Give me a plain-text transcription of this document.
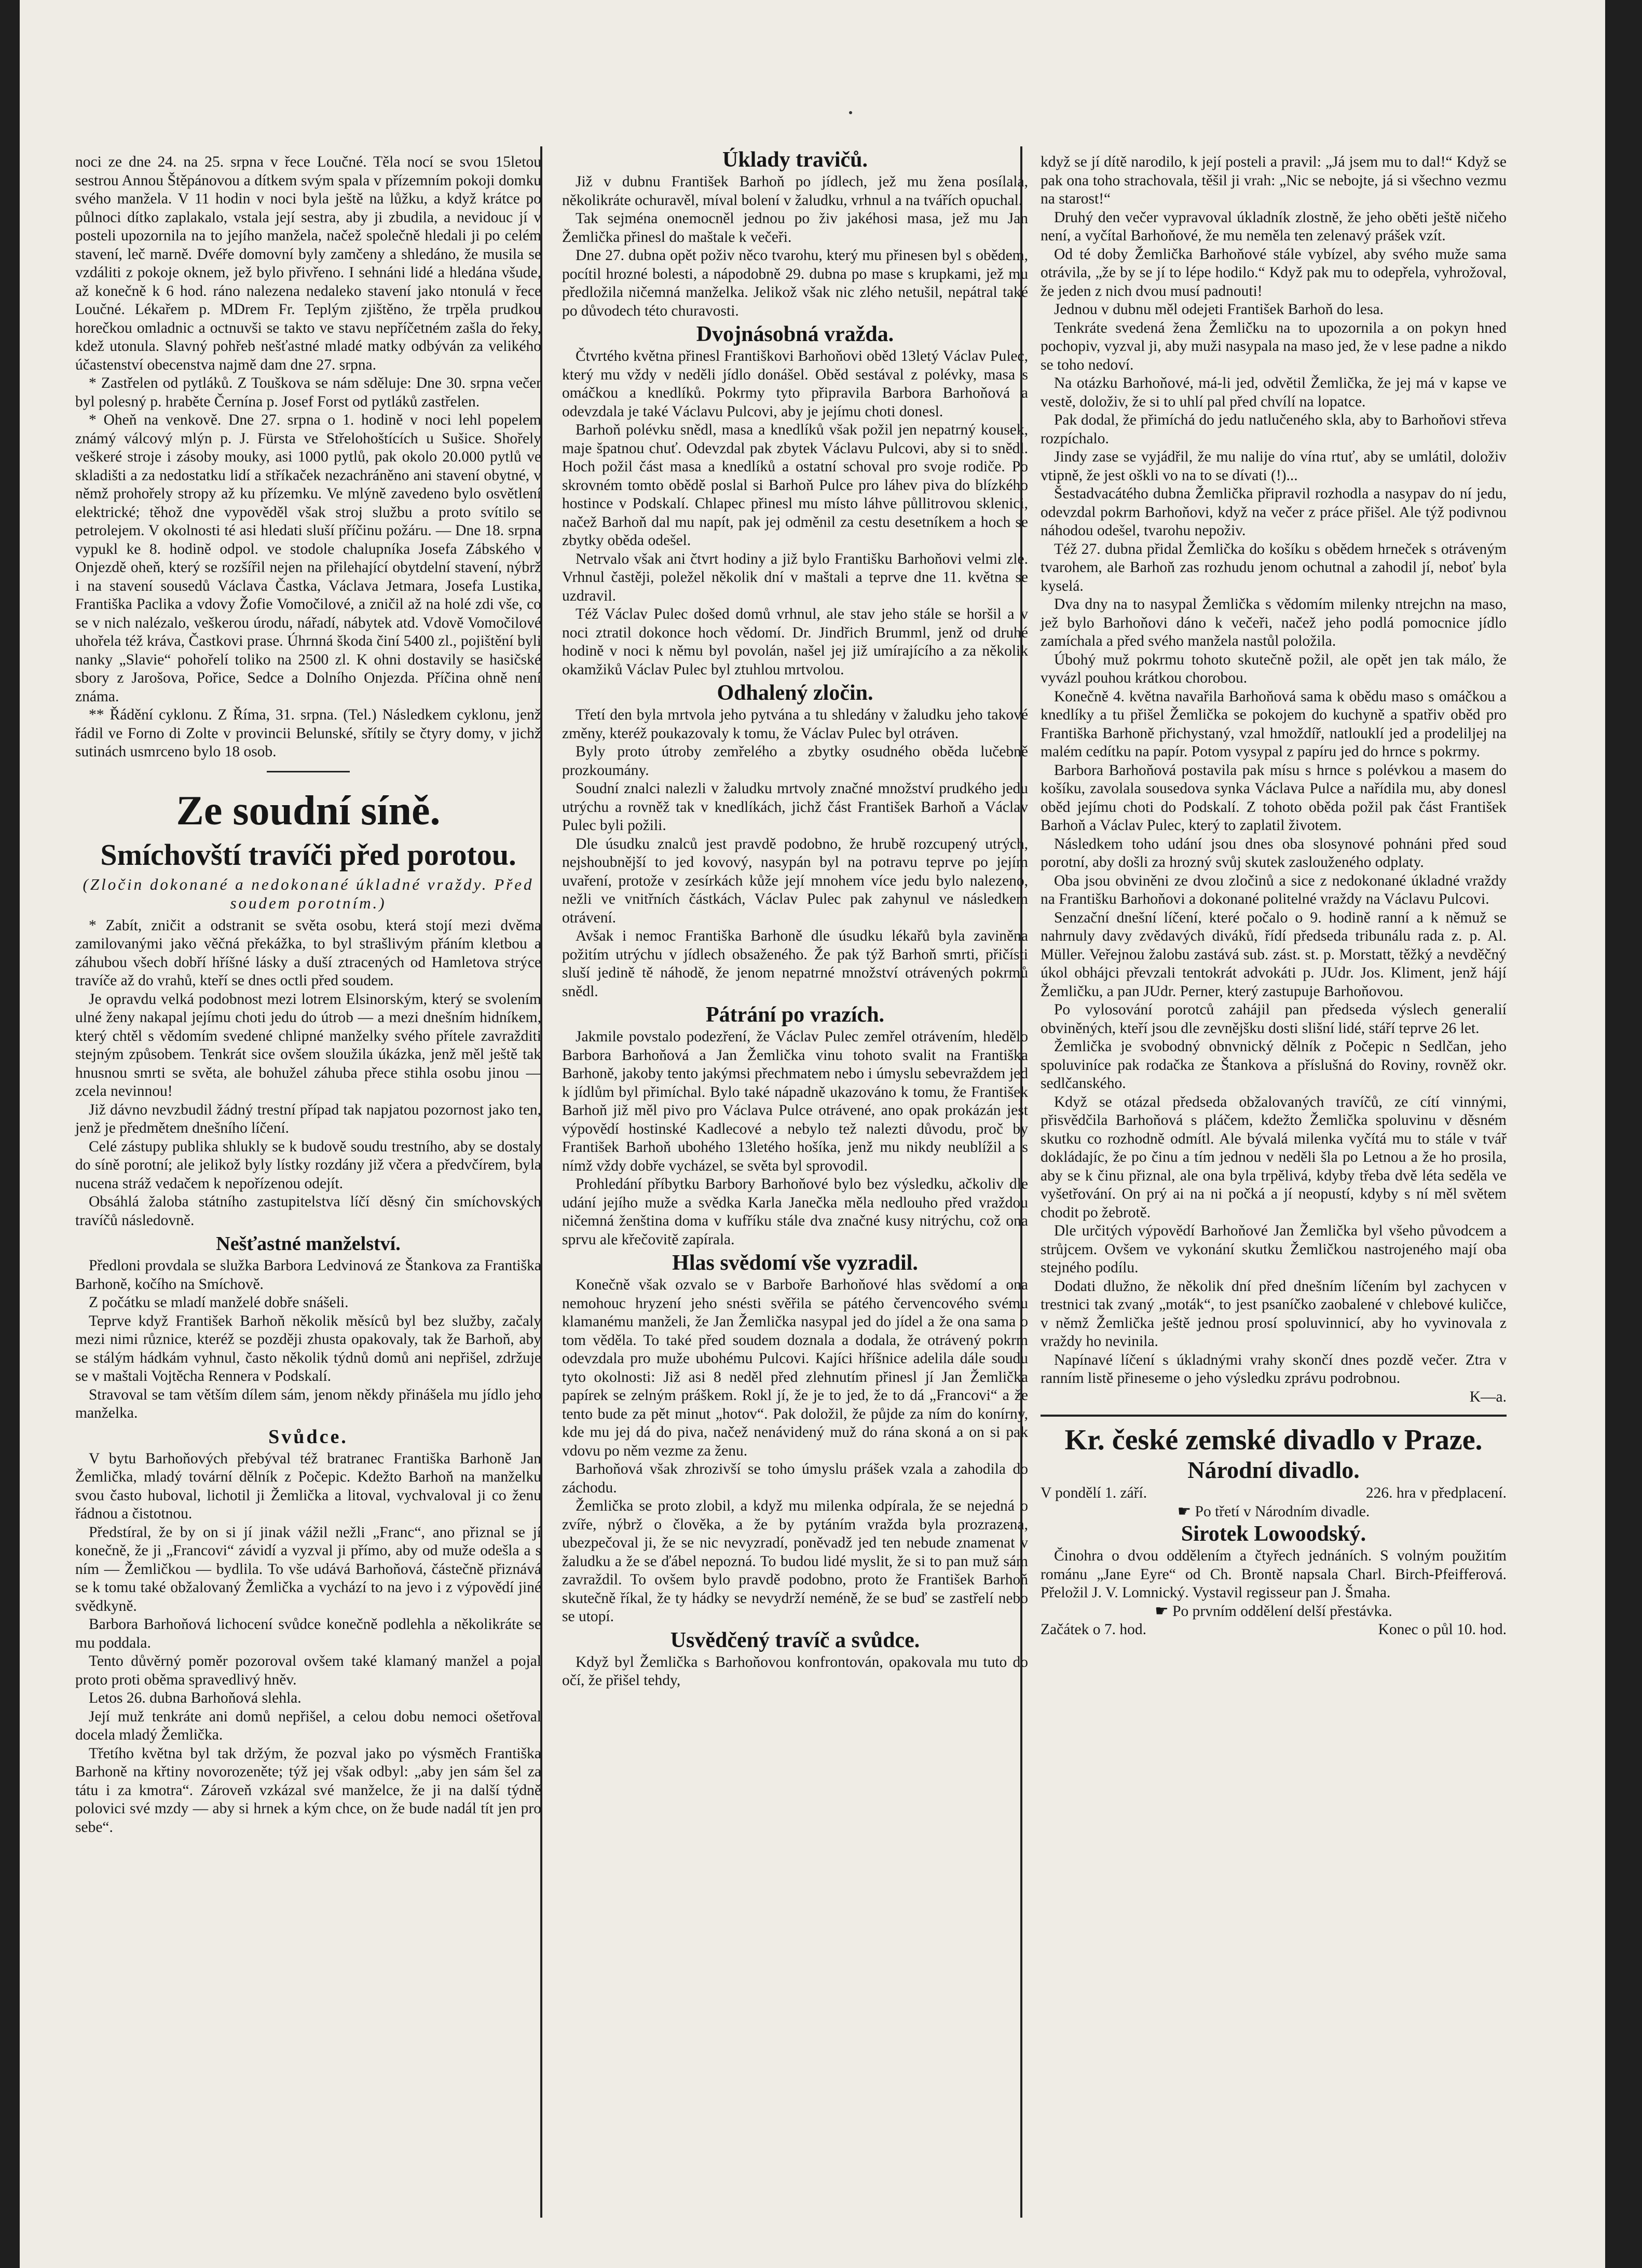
noci ze dne 24. na 25. srpna v řece Loučné. Těla nocí se svou 15letou sestrou Annou Štěpánovou a dítkem svým spala v přízemním pokoji domku svého manžela. V 11 hodin v noci byla ještě na lůžku, a když krátce po půlnoci dítko zaplakalo, vstala její sestra, aby ji zbudila, a nevidouc jí v posteli upozornila na to jejího manžela, načež společně hledali ji po celém stavení, leč marně. Dvéře domovní byly zamčeny a shledáno, že musila se vzdáliti z pokoje oknem, jež bylo přivřeno. I sehnáni lidé a hledána všude, až konečně k 6 hod. ráno nalezena nedaleko stavení jako ntonulá v řece Loučné. Lékařem p. MDrem Fr. Teplým zjištěno, že trpěla prudkou horečkou omladnic a octnuvši se takto ve stavu nepříčetném zašla do řeky, kdež utonula. Slavný pohřeb nešťastné mladé matky odbýván za velikého účastenství obecenstva najmě dam dne 27. srpna.

* Zastřelen od pytláků. Z Touškova se nám sděluje: Dne 30. srpna večer byl polesný p. hraběte Černína p. Josef Forst od pytláků zastřelen.

* Oheň na venkově. Dne 27. srpna o 1. hodině v noci lehl popelem známý válcový mlýn p. J. Fürsta ve Střelohoštících u Sušice. Shořely veškeré stroje i zásoby mouky, asi 1000 pytlů, pak okolo 20.000 pytlů ve skladišti a za nedostatku lidí a stříkaček nezachráněno ani stavení obytné, v němž prohořely stropy až ku přízemku. Ve mlýně zavedeno bylo osvětlení elektrické; těhož dne vypověděl však stroj službu a proto svítilo se petrolejem. V okolnosti té asi hledati sluší příčinu požáru. — Dne 18. srpna vypukl ke 8. hodině odpol. ve stodole chalupníka Josefa Zábského v Onjezdě oheň, který se rozšířil nejen na přilehající obytdelní stavení, nýbrž i na stavení sousedů Václava Častka, Václava Jetmara, Josefa Lustika, Františka Paclika a vdovy Žofie Vomočilové, a zničil až na holé zdi vše, co se v nich nalézalo, veškerou úrodu, nářadí, nábytek atd. Vdově Vomočilové uhořela též kráva, Častkovi prase. Úhrnná škoda činí 5400 zl., pojištění byli nanky „Slavie“ pohořelí toliko na 2500 zl. K ohni dostavily se hasičské sbory z Jarošova, Pořice, Sedce a Dolního Onjezda. Příčina ohně není známa.

** Řádění cyklonu. Z Říma, 31. srpna. (Tel.) Následkem cyklonu, jenž řádil ve Forno di Zolte v provincii Belunské, sřítily se čtyry domy, v jichž sutinách usmrceno bylo 18 osob.

Ze soudní síně.
Smíchovští travíči před porotou.
(Zločin dokonané a nedokonané úkladné vraždy. Před soudem porotním.)

* Zabít, zničit a odstranit se světa osobu, která stojí mezi dvěma zamilovanými jako věčná překážka, to byl strašlivým přáním kletbou a záhubou všech dobří hříšné lásky a duší ztracených od Hamletova strýce travíče až do vrahů, kteří se dnes octli před soudem.

Je opravdu velká podobnost mezi lotrem Elsinorským, který se svolením ulné ženy nakapal jejímu choti jedu do útrob — a mezi dnešním hidníkem, který chtěl s vědomím svedené chlipné manželky svého přítele zavražditi stejným způsobem. Tenkrát sice ovšem sloužila úkázka, jenž měl ještě tak hnusnou smrti se světa, ale bohužel záhuba přece stihla osobu jinou — zcela nevinnou!

Již dávno nevzbudil žádný trestní případ tak napjatou pozornost jako ten, jenž je předmětem dnešního líčení.

Celé zástupy publika shlukly se k budově soudu trestního, aby se dostaly do síně porotní; ale jelikož byly lístky rozdány již včera a předvčírem, byla nucena stráž vedačem k nepořízenou odejít.

Obsáhlá žaloba státního zastupitelstva líčí děsný čin smíchovských travíčů následovně.

Nešťastné manželství.

Předloni provdala se služka Barbora Ledvinová ze Štankova za Františka Barhoně, kočího na Smíchově.

Z počátku se mladí manželé dobře snášeli.

Teprve když František Barhoň několik měsíců byl bez služby, začaly mezi nimi různice, kteréž se později zhusta opakovaly, tak že Barhoň, aby se stálým hádkám vyhnul, často několik týdnů domů ani nepřišel, zdržuje se v maštali Vojtěcha Rennera v Podskalí.

Stravoval se tam větším dílem sám, jenom někdy přinášela mu jídlo jeho manželka.

Svůdce.

V bytu Barhoňových přebýval též bratranec Františka Barhoně Jan Žemlička, mladý tovární dělník z Počepic. Kdežto Barhoň na manželku svou často huboval, lichotil ji Žemlička a litoval, vychvaloval ji co ženu řádnou a čistotnou.

Předstíral, že by on si jí jinak vážil nežli „Franc“, ano přiznal se jí konečně, že ji „Francovi“ závidí a vyzval ji přímo, aby od muže odešla a s ním — Žemličkou — bydlila. To vše udává Barhoňová, částečně přiznává se k tomu také obžalovaný Žemlička a vychází to na jevo i z výpovědí jiné svědkyně.

Barbora Barhoňová lichocení svůdce konečně podlehla a několikráte se mu poddala.

Tento důvěrný poměr pozoroval ovšem také klamaný manžel a pojal proto proti oběma spravedlivý hněv.

Letos 26. dubna Barhoňová slehla.

Její muž tenkráte ani domů nepřišel, a celou dobu nemoci ošetřoval docela mladý Žemlička.

Třetího května byl tak držým, že pozval jako po výsměch Františka Barhoně na křtiny novorozeněte; týž jej však odbyl: „aby jen sám šel za tátu i za kmotra“. Zároveň vzkázal své manželce, že ji na další týdně polovici své mzdy — aby si hrnek a kým chce, on že bude nadál tít jen pro sebe“.

Úklady travičů.

Již v dubnu František Barhoň po jídlech, jež mu žena posílala, několikráte ochuravěl, míval bolení v žaludku, vrhnul a na tvářích opuchal.

Tak sejména onemocněl jednou po živ jakéhosi masa, jež mu Jan Žemlička přinesl do maštale k večeři.

Dne 27. dubna opět poživ něco tvarohu, který mu přinesen byl s obědem, pocítil hrozné bolesti, a nápodobně 29. dubna po mase s krupkami, jež mu předložila ničemná manželka. Jelikož však nic zlého netušil, nepátral také po důvodech této churavosti.

Dvojnásobná vražda.

Čtvrtého května přinesl Františkovi Barhoňovi oběd 13letý Václav Pulec, který mu vždy v neděli jídlo donášel. Oběd sestával z polévky, masa s omáčkou a knedlíků. Pokrmy tyto připravila Barbora Barhoňová a odevzdala je také Václavu Pulcovi, aby je jejímu choti donesl.

Barhoň polévku snědl, masa a knedlíků však požil jen nepatrný kousek, maje špatnou chuť. Odevzdal pak zbytek Václavu Pulcovi, aby si to snědl. Hoch požil část masa a knedlíků a ostatní schoval pro svoje rodiče. Po skrovném tomto obědě poslal si Barhoň Pulce pro láhev piva do blízkého hostince v Podskalí. Chlapec přinesl mu místo láhve půllitrovou sklenici, načež Barhoň dal mu napít, pak jej odměnil za cestu desetníkem a hoch se zbytky oběda odešel.

Netrvalo však ani čtvrt hodiny a již bylo Františku Barhoňovi velmi zle. Vrhnul častěji, poležel několik dní v maštali a teprve dne 11. května se uzdravil.

Též Václav Pulec došed domů vrhnul, ale stav jeho stále se horšil a v noci ztratil dokonce hoch vědomí. Dr. Jindřich Brumml, jenž od druhé hodině v noci k němu byl povolán, našel jej již umírajícího a za několik okamžiků Václav Pulec byl ztuhlou mrtvolou.

Odhalený zločin.

Třetí den byla mrtvola jeho pytvána a tu shledány v žaludku jeho takové změny, kteréž poukazovaly k tomu, že Václav Pulec byl otráven.

Byly proto útroby zemřelého a zbytky osudného oběda lučebně prozkoumány.

Soudní znalci nalezli v žaludku mrtvoly značné množství prudkého jedu utrýchu a rovněž tak v knedlíkách, jichž část František Barhoň a Václav Pulec byli požili.

Dle úsudku znalců jest pravdě podobno, že hrubě rozcupený utrých, nejshoubnější to jed kovový, nasypán byl na potravu teprve po jejím uvaření, protože v zesírkách kůže její mnohem více jedu bylo nalezeno, nežli ve vnitřních částkách, Václav Pulec pak zahynul ve následkem otrávení.

Avšak i nemoc Františka Barhoně dle úsudku lékařů byla zaviněna požitím utrýchu v jídlech obsaženého. Že pak týž Barhoň smrti, přičísti sluší jedině tě náhodě, že jenom nepatrné množství otrávených pokrmů snědl.

Pátrání po vrazích.

Jakmile povstalo podezření, že Václav Pulec zemřel otrávením, hledělo Barbora Barhoňová a Jan Žemlička vinu tohoto svalit na Františka Barhoně, jakoby tento jakýmsi přechmatem nebo i úmyslu sebevraždem jed k jídlům byl přimíchal. Bylo také nápadně ukazováno k tomu, že František Barhoň již měl pivo pro Václava Pulce otrávené, ano opak prokázán jest výpovědí hostinské Kadlecové a nebylo tež nalezti důvodu, proč by František Barhoň ubohého 13letého hošíka, jenž mu nikdy neublížil a s nímž vždy dobře vycházel, se světa byl sprovodil.

Prohledání příbytku Barbory Barhoňové bylo bez výsledku, ačkoliv dle udání jejího muže a svědka Karla Janečka měla nedlouho před vraždou ničemná ženština doma v kufříku stále dva značné kusy nitrýchu, což ona sprvu ale křečovitě zapírala.

Hlas svědomí vše vyzradil.

Konečně však ozvalo se v Barboře Barhoňové hlas svědomí a ona nemohouc hryzení jeho snésti svěřila se pátého červencového svému klamanému manželi, že Jan Žemlička nasypal jed do jídel a že ona sama o tom věděla. To také před soudem doznala a dodala, že otrávený pokrm odevzdala pro muže ubohému Pulcovi. Kajíci hříšnice adelila dále soudu tyto okolnosti: Již asi 8 neděl před zlehnutím přinesl jí Jan Žemlička papírek se zelným práškem. Rokl jí, že je to jed, že to dá „Francovi“ a že tento bude za pět minut „hotov“. Pak doložil, že půjde za ním do konírny, kde mu jej dá do piva, načež nenávidený muž do rána skoná a on si pak vdovu po něm vezme za ženu.

Barhoňová však zhrozivší se toho úmyslu prášek vzala a zahodila do záchodu.

Žemlička se proto zlobil, a když mu milenka odpírala, že se nejedná o zvíře, nýbrž o člověka, a že by pytáním vražda byla prozrazena, ubezpečoval ji, že se nic nevyzradí, poněvadž jed ten nebude znamenat v žaludku a že se ďábel nepozná. To budou lidé myslit, že si to pan muž sám zavraždil. To ovšem bylo pravdě podobno, proto že František Barhoň skutečně říkal, že ty hádky se nevydrží neméně, že se buď se zastřelí nebo se utopí.

Usvědčený travíč a svůdce.

Když byl Žemlička s Barhoňovou konfrontován, opakovala mu tuto do očí, že přišel tehdy,

když se jí dítě narodilo, k její posteli a pravil: „Já jsem mu to dal!“ Když se pak ona toho strachovala, těšil ji vrah: „Nic se nebojte, já si všechno vezmu na starost!“

Druhý den večer vypravoval úkladník zlostně, že jeho oběti ještě ničeho není, a vyčítal Barhoňové, že mu neměla ten zelenavý prášek vzít.

Od té doby Žemlička Barhoňové stále vybízel, aby svého muže sama otrávila, „že by se jí to lépe hodilo.“ Když pak mu to odepřela, vyhrožoval, že jeden z nich dvou musí padnouti!

Jednou v dubnu měl odejeti František Barhoň do lesa.

Tenkráte svedená žena Žemličku na to upozornila a on pokyn hned pochopiv, vyzval ji, aby muži nasypala na maso jed, že v lese padne a nikdo se toho nedoví.

Na otázku Barhoňové, má-li jed, odvětil Žemlička, že jej má v kapse ve vestě, doloživ, že si to uhlí pal před chvílí na lopatce.

Pak dodal, že přimíchá do jedu natlučeného skla, aby to Barhoňovi střeva rozpíchalo.

Jindy zase se vyjádřil, že mu nalije do vína rtuť, aby se umlátil, doloživ vtipně, že jest oškli vo na to se dívati (!)...

Šestadvacátého dubna Žemlička připravil rozhodla a nasypav do ní jedu, odevzdal pokrm Barhoňovi, když na večer z práce přišel. Ale týž podivnou náhodou odešel, tvarohu nepoživ.

Též 27. dubna přidal Žemlička do košíku s obědem hrneček s otráveným tvarohem, ale Barhoň zas rozhudu jenom ochutnal a zahodil jí, neboť byla kyselá.

Dva dny na to nasypal Žemlička s vědomím milenky ntrejchn na maso, jež bylo Barhoňovi dáno k večeři, načež jeho podlá pomocnice jídlo zamíchala a před svého manžela nastůl položila.

Úbohý muž pokrmu tohoto skutečně požil, ale opět jen tak málo, že vyvázl pouhou krátkou chorobou.

Konečně 4. května navařila Barhoňová sama k obědu maso s omáčkou a knedlíky a tu přišel Žemlička se pokojem do kuchyně a spatřiv oběd pro Františka Barhoně přichystaný, vzal hmoždíř, natlouklí jed a prodeliljej na malém cedítku na papír. Potom vysypal z papíru jed do hrnce s pokrmy.

Barbora Barhoňová postavila pak mísu s hrnce s polévkou a masem do košíku, zavolala sousedova synka Václava Pulce a nařídila mu, aby donesl oběd jejímu choti do Podskalí. Z tohoto oběda požil pak část František Barhoň a Václav Pulec, který to zaplatil životem.

Následkem toho udání jsou dnes oba slosynové pohnáni před soud porotní, aby došli za hrozný svůj skutek zaslouženého odplaty.

Oba jsou obviněni ze dvou zločinů a sice z nedokonané úkladné vraždy na Františku Barhoňovi a dokonané politelné vraždy na Václavu Pulcovi.

Senzační dnešní líčení, které počalo o 9. hodině ranní a k němuž se nahrnuly davy zvědavých diváků, řídí předseda tribunálu rada z. p. Al. Müller. Veřejnou žalobu zastává sub. zást. st. p. Morstatt, těžký a nevděčný úkol obhájci převzali tentokrát advokáti p. JUdr. Jos. Kliment, jenž hájí Žemličku, a pan JUdr. Perner, který zastupuje Barhoňovou.

Po vylosování porotců zahájil pan předseda výslech generalií obviněných, kteří jsou dle zevnějšku dosti slišní lidé, stáří teprve 26 let.

Žemlička je svobodný obnvnický dělník z Počepic n Sedlčan, jeho spoluviníce pak rodačka ze Štankova a příslušná do Roviny, rovněž okr. sedlčanského.

Když se otázal předseda obžalovaných travíčů, ze cítí vinnými, přisvědčila Barhoňová s pláčem, kdežto Žemlička spoluvinu v děsném skutku co rozhodně odmítl. Ale bývalá milenka vyčítá mu to stále v tvář dokládajíc, že po činu a tím jednou v neděli šla po Letnou a že ho prosila, aby se k činu přiznal, ale ona byla trpělivá, kdyby třeba dvě léta seděla ve vyšetřování. On prý ai na ni počká a jí neopustí, kdyby s ní měl světem chodit po žebrotě.

Dle určitých výpovědí Barhoňové Jan Žemlička byl všeho původcem a strůjcem. Ovšem ve vykonání skutku Žemličkou nastrojeného mají oba stejného podílu.

Dodati dlužno, že několik dní před dnešním líčením byl zachycen v trestnici tak zvaný „moták“, to jest psaníčko zaobalené v chlebové kuličce, v němž Žemlička ještě jednou prosí spoluvinnicí, aby ho vyvinovala z vraždy ho nevinila.

Napínavé líčení s úkladnými vrahy skončí dnes pozdě večer. Ztra v ranním listě přineseme o jeho výsledku zprávu podrobnou.

K—a.
Kr. české zemské divadlo v Praze.
Národní divadlo.
V pondělí 1. září.	226. hra v předplacení.
☛ Po třetí v Národním divadle.
Sirotek Lowoodský.

Činohra o dvou oddělením a čtyřech jednáních. S volným použitím románu „Jane Eyre“ od Ch. Brontě napsala Charl. Birch-Pfeifferová. Přeložil J. V. Lomnický. Vystavil regisseur pan J. Šmaha.

☛ Po prvním oddělení delší přestávka.
Začátek o 7. hod.	Konec o půl 10. hod.
